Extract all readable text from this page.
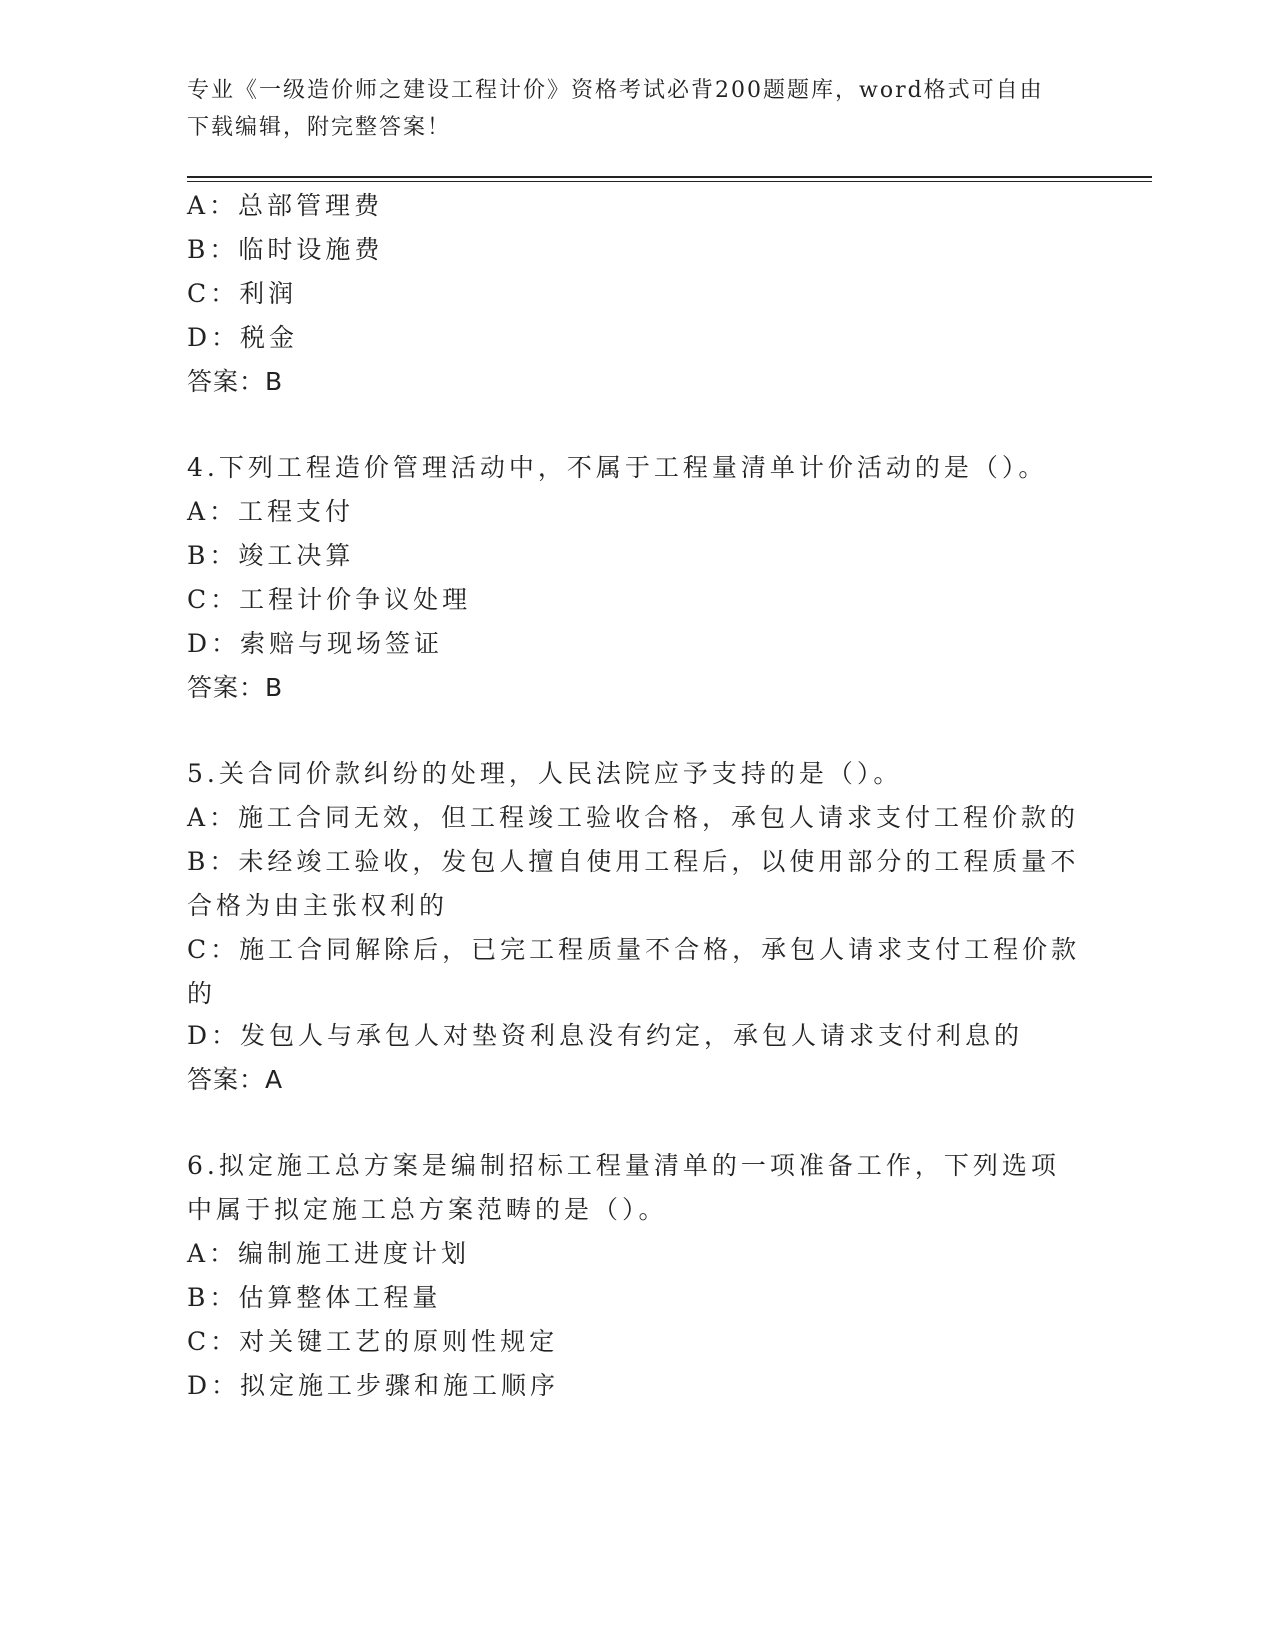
专业《一级造价师之建设工程计价》资格考试必背200题题库，word格式可自由下载编辑，附完整答案！
A：总部管理费
B：临时设施费
C：利润
D：税金
答案：B
4.下列工程造价管理活动中，不属于工程量清单计价活动的是（）。
A：工程支付
B：竣工决算
C：工程计价争议处理
D：索赔与现场签证
答案：B
5.关合同价款纠纷的处理，人民法院应予支持的是（）。
A：施工合同无效，但工程竣工验收合格，承包人请求支付工程价款的
B：未经竣工验收，发包人擅自使用工程后，以使用部分的工程质量不
合格为由主张权利的
C：施工合同解除后，已完工程质量不合格，承包人请求支付工程价款
的
D：发包人与承包人对垫资利息没有约定，承包人请求支付利息的
答案：A
6.拟定施工总方案是编制招标工程量清单的一项准备工作，下列选项
中属于拟定施工总方案范畴的是（）。
A：编制施工进度计划
B：估算整体工程量
C：对关键工艺的原则性规定
D：拟定施工步骤和施工顺序
